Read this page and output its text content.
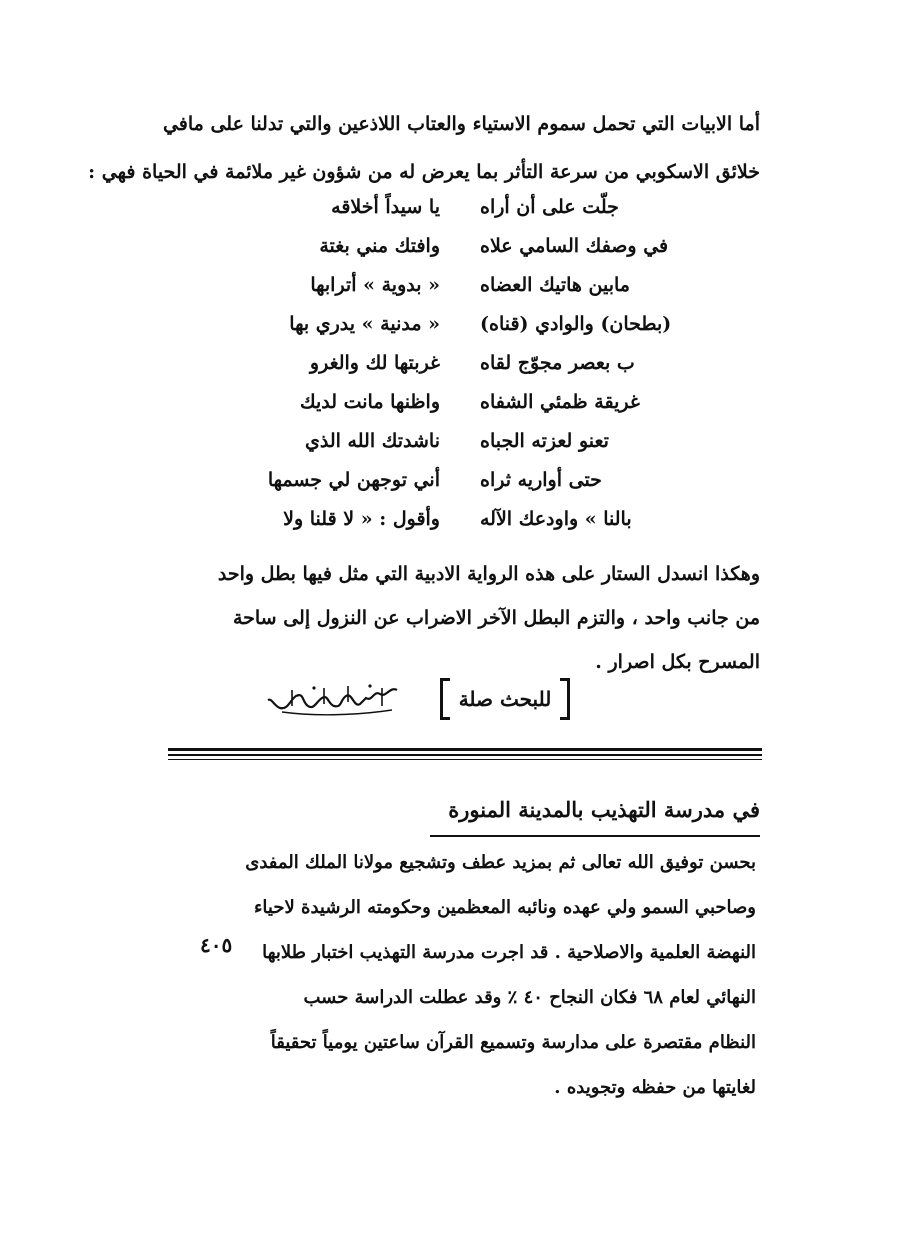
أما الابيات التي تحمل سموم الاستياء والعتاب اللاذعين والتي تدلنا على مافي
خلائق الاسكوبي من سرعة التأثر بما يعرض له من شؤون غير ملائمة في الحياة فهي :
يا سيداً أخلاقه جلّت على أن أراه
وافتك مني بغتة في وصفك السامي علاه
« بدوية » أترابها مابين هاتيك العضاه
« مدنية » يدري بها (بطحان) والوادي (قناه)
غربتها لك والغرو ب بعصر مجوّج لقاه
واظنها مانت لديك غريقة ظمئي الشفاه
ناشدتك الله الذي تعنو لعزته الجباه
أني توجهن لي جسمها حتى أواريه ثراه
وأقول : « لا قلنا ولا بالنا » واودعك الآله
وهكذا انسدل الستار على هذه الرواية الادبية التي مثل فيها بطل واحد
من جانب واحد ، والتزم البطل الآخر الاضراب عن النزول إلى ساحة
المسرح بكل اصرار .
للبحث صلة
في مدرسة التهذيب بالمدينة المنورة
بحسن توفيق الله تعالى ثم بمزيد عطف وتشجيع مولانا الملك المفدى
وصاحبي السمو ولي عهده ونائبه المعظمين وحكومته الرشيدة لاحياء
النهضة العلمية والاصلاحية . قد اجرت مدرسة التهذيب اختبار طلابها
النهائي لعام ٦٨ فكان النجاح ٤٠ ٪ وقد عطلت الدراسة حسب
النظام مقتصرة على مدارسة وتسميع القرآن ساعتين يومياً تحقيقاً
لغايتها من حفظه وتجويده .
٤٠٥
